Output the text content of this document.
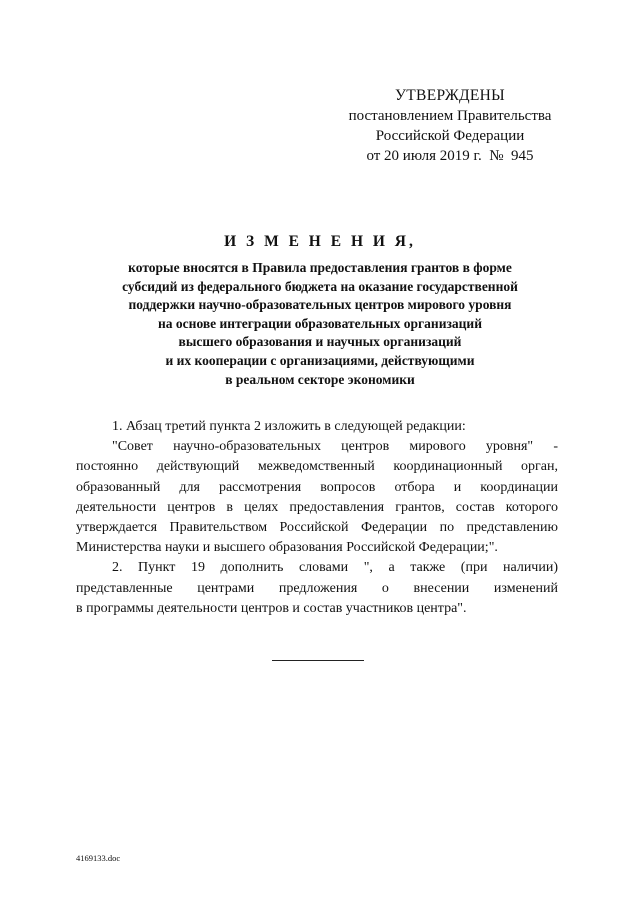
УТВЕРЖДЕНЫ
постановлением Правительства
Российской Федерации
от 20 июля 2019 г.  №  945
И З М Е Н Е Н И Я,
которые вносятся в Правила предоставления грантов в форме
субсидий из федерального бюджета на оказание государственной
поддержки научно-образовательных центров мирового уровня
на основе интеграции образовательных организаций
высшего образования и научных организаций
и их кооперации с организациями, действующими
в реальном секторе экономики
1. Абзац третий пункта 2 изложить в следующей редакции:
"Совет научно-образовательных центров мирового уровня" -
постоянно действующий межведомственный координационный орган,
образованный для рассмотрения вопросов отбора и координации
деятельности центров в целях предоставления грантов, состав которого
утверждается Правительством Российской Федерации по представлению
Министерства науки и высшего образования Российской Федерации;".
2. Пункт 19 дополнить словами ", а также (при наличии)
представленные центрами предложения о внесении изменений
в программы деятельности центров и состав участников центра".
4169133.doc
